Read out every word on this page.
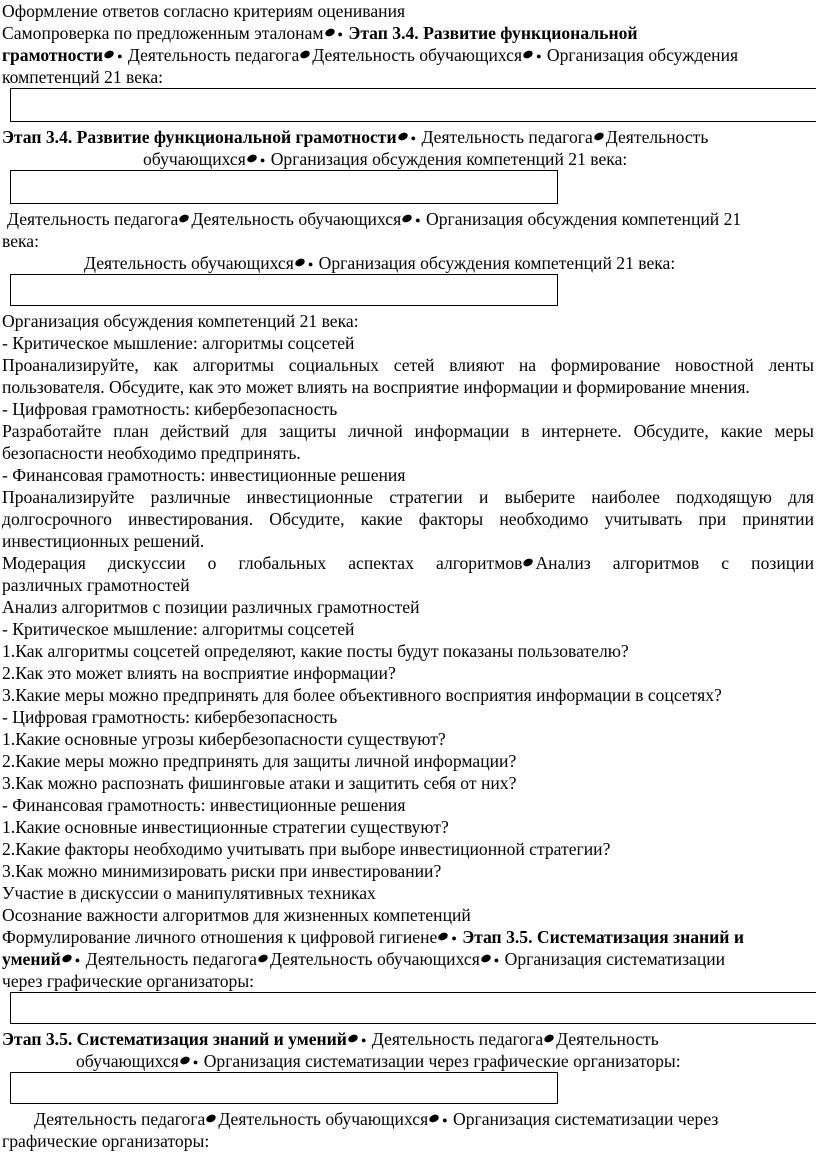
Оформление ответов согласно критериям оценивания
Самопроверка по предложенным эталонам ● Этап 3.4. Развитие функциональной
грамотности ● Деятельность педагога Деятельность обучающихся ● Организация обсуждения
компетенций 21 века:
Этап 3.4. Развитие функциональной грамотности ● Деятельность педагога Деятельность
обучающихся ● Организация обсуждения компетенций 21 века:
Деятельность педагога Деятельность обучающихся ● Организация обсуждения компетенций 21
века:
Деятельность обучающихся ● Организация обсуждения компетенций 21 века:
Организация обсуждения компетенций 21 века:
- Критическое мышление: алгоритмы соцсетей
Проанализируйте, как алгоритмы социальных сетей влияют на формирование новостной ленты
пользователя. Обсудите, как это может влиять на восприятие информации и формирование мнения.
- Цифровая грамотность: кибербезопасность
Разработайте план действий для защиты личной информации в интернете. Обсудите, какие меры
безопасности необходимо предпринять.
- Финансовая грамотность: инвестиционные решения
Проанализируйте различные инвестиционные стратегии и выберите наиболее подходящую для
долгосрочного инвестирования. Обсудите, какие факторы необходимо учитывать при принятии
инвестиционных решений.
Модерация дискуссии о глобальных аспектах алгоритмов Анализ алгоритмов с позиции
различных грамотностей
Анализ алгоритмов с позиции различных грамотностей
- Критическое мышление: алгоритмы соцсетей
1.Как алгоритмы соцсетей определяют, какие посты будут показаны пользователю?
2.Как это может влиять на восприятие информации?
3.Какие меры можно предпринять для более объективного восприятия информации в соцсетях?
- Цифровая грамотность: кибербезопасность
1.Какие основные угрозы кибербезопасности существуют?
2.Какие меры можно предпринять для защиты личной информации?
3.Как можно распознать фишинговые атаки и защитить себя от них?
- Финансовая грамотность: инвестиционные решения
1.Какие основные инвестиционные стратегии существуют?
2.Какие факторы необходимо учитывать при выборе инвестиционной стратегии?
3.Как можно минимизировать риски при инвестировании?
Участие в дискуссии о манипулятивных техниках
Осознание важности алгоритмов для жизненных компетенций
Формулирование личного отношения к цифровой гигиене ● Этап 3.5. Систематизация знаний и
умений ● Деятельность педагога Деятельность обучающихся ● Организация систематизации
через графические организаторы:
Этап 3.5. Систематизация знаний и умений ● Деятельность педагога Деятельность
обучающихся ● Организация систематизации через графические организаторы:
Деятельность педагога Деятельность обучающихся ● Организация систематизации через
графические организаторы:
